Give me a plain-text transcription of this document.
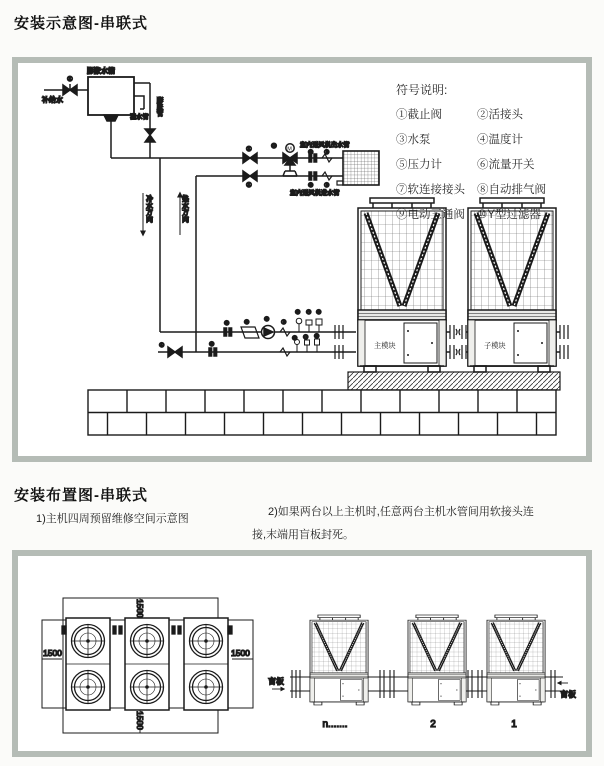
安装示意图-串联式
符号说明:
①截止阀	②活接头
③水泵	④温度计
⑤压力计	⑥流量开关
⑦软连接接头 ⑧自动排气阀
⑨电动三通阀 ⑩Y型过滤器
膨胀水箱
①
补给水
溢水管
膨胀管
①
①
M
⑨
② ⑦
② ⑦
室内送风机出水管
室内送风机进水管
冷水方向	热水方向
② ⑩ ③ ⑦
⑤ ⑥ ④
①	②
⑤ ⑧ ④
主模块	子模块
安装布置图-串联式
1)主机四周预留维修空间示意图
2)如果两台以上主机时,任意两台主机水管间用软接头连
接,末端用盲板封死。
1500	1500
1500
1500
盲板
盲板
n.......	2	1
